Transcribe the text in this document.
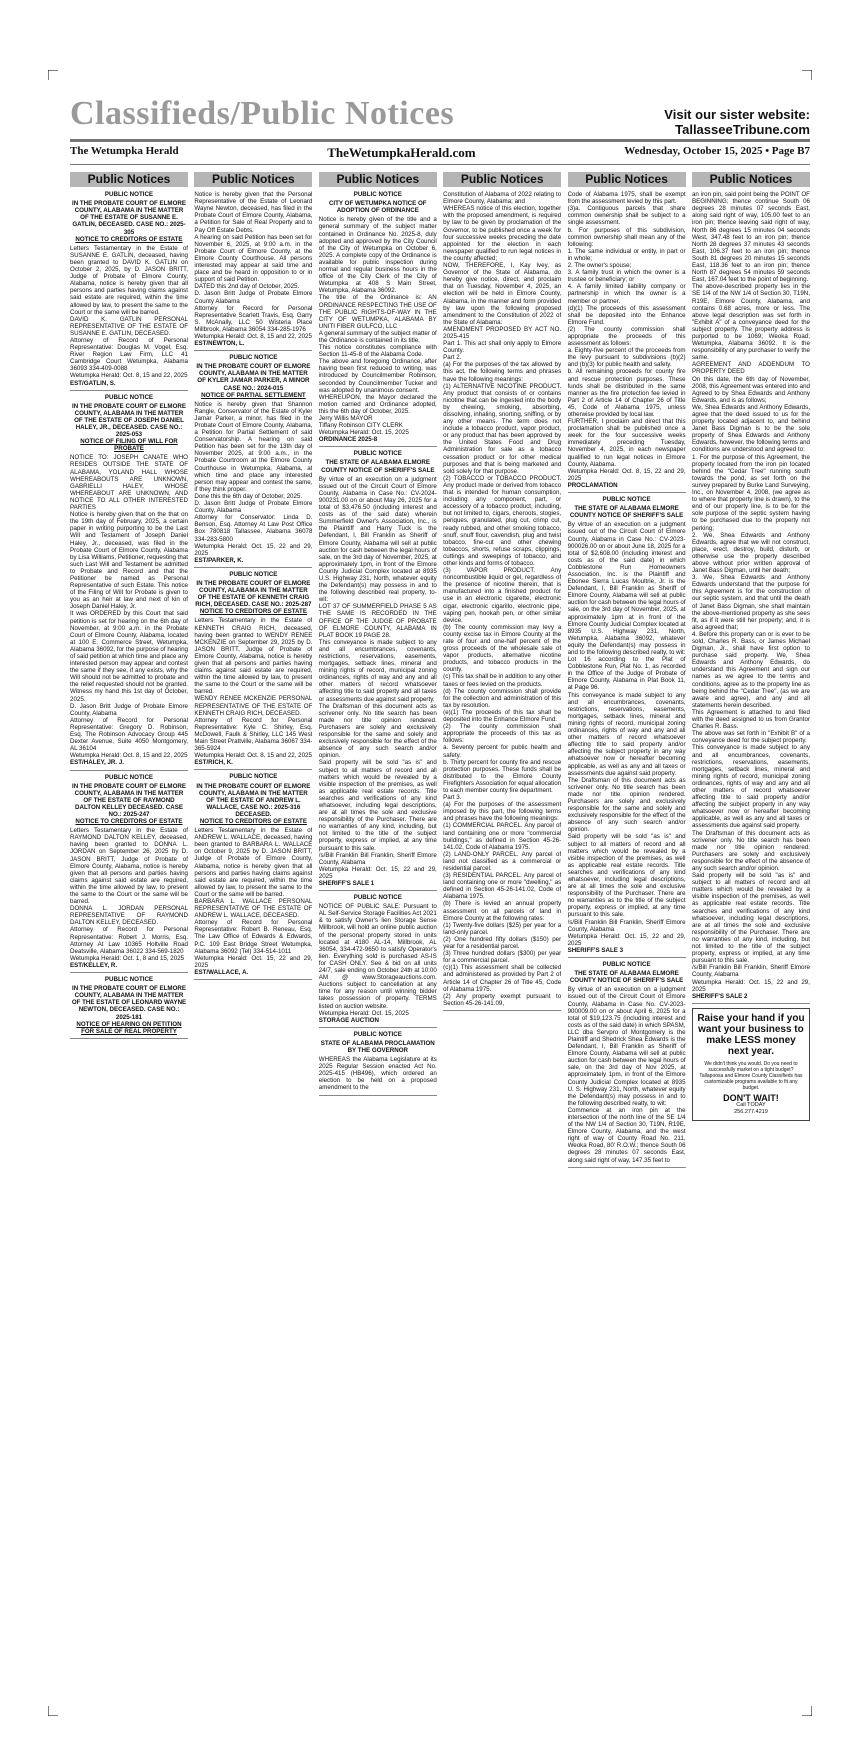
Classifieds/Public Notices	Visit our sister website:
TallasseeTribune.com
The Wetumpka Herald	TheWetumpkaHerald.com	Wednesday, October 15, 2025 • Page B7
Public Notices
PUBLIC NOTICE
IN THE PROBATE COURT OF ELMORE COUNTY, ALABAMA IN THE MATTER OF THE ESTATE OF SUSANNE E. GATLIN, DECEASED. CASE NO.: 2025-305
NOTICE TO CREDITORS OF ESTATE
Letters Testamentary in the Estate of SUSANNE E. GATLIN, deceased, having been granted to DAVID K. GATLIN on October 2, 2025, by D. JASON BRITT, Judge of Probate of Elmore County, Alabama, notice is hereby given that all persons and parties having claims against said estate are required, within the time allowed by law, to present the same to the Court or the same will be barred.
DAVID K. GATLIN PERSONAL REPRESENTATIVE OF THE ESTATE OF SUSANNE E. GATLIN, DECEASED.
Attorney of Record of Personal Representative: Douglas M. Vogel, Esq. River Region Law Firm, LLC 41 Cambridge Court Wetumpka, Alabama 36093 334-409-0088
Wetumpka Herald: Oct. 8, 15 and 22, 2025
EST/GATLIN, S.
PUBLIC NOTICE
IN THE PROBATE COURT OF ELMORE COUNTY, ALABAMA IN THE MATTER OF THE ESTATE OF JOSEPH DANIEL HALEY, JR., DECEASED. CASE NO.: 2025-053
NOTICE OF FILING OF WILL FOR PROBATE
NOTICE TO: JOSEPH CANATE WHO RESIDES OUTSIDE THE STATE OF ALABAMA, YOLAND HALL WHOSE WHEREABOUTS ARE UNKNOWN, GABRIELLI HALEY, WHOSE WHEREABOUT ARE UNKNOWN, AND NOTICE TO ALL OTHER INTERESTED PARTIES
Notice is hereby given that on the that on the 19th day of February, 2025, a certain paper in writing purporting to be the Last Will and Testament of Joseph Daniel Haley, Jr., deceased, was filed in the Probate Court of Elmore County, Alabama by Lisa Williams, Petitioner, requesting that such Last Will and Testament be admitted to Probate and Record and that the Petitioner be named as Personal Representative of such Estate. This notice of the Filing of Will for Probate is given to you as an heir at law and next of kin of Joseph Daniel Haley, Jr.
It was ORDERED by this Court that said petition is set for hearing on the 6th day of November, at 9:00 a.m. in the Probate Court of Elmore County, Alabama, located at 100 E. Commerce Street, Wetumpka, Alabama 36092, for the purpose of hearing of said petition at which time and place any interested person may appear and contest the same if they see, if any exists, why the Will should not be admitted to probate and the relief requested should not be granted. Witness my hand this 1st day of October, 2025.
D. Jason Britt Judge of Probate Elmore County, Alabama
Attorney of Record for Personal Representative: Gregory D. Robinson, Esq. The Robinson Advocacy Group 445 Dexter Avenue, Suite 4050 Montgomery, AL 36104
Wetumpka Herald: Oct. 8, 15 and 22, 2025
EST/HALEY, JR. J.
PUBLIC NOTICE
IN THE PROBATE COURT OF ELMORE COUNTY, ALABAMA IN THE MATTER OF THE ESTATE OF RAYMOND DALTON KELLEY DECEASED. CASE NO.: 2025-247
NOTICE TO CREDITORS OF ESTATE
Letters Testamentary in the Estate of RAYMOND DALTON KELLEY, deceased, having been granted to DONNA L. JORDAN on September 26, 2025 by D. JASON BRITT, Judge of Probate of Elmore County, Alabama, notice is hereby given that all persons and parties having claims against said estate are required, within the time allowed by law, to present the same to the Court or the same will be barred.
DONNA L. JORDAN PERSONAL REPRESENTATIVE OF RAYMOND DALTON KELLEY, DECEASED.
Attorney of Record for Personal Representative: Robert J. Morris, Esq. Attorney At Law 10365 Holtville Road Deatsville, Alabama 36022 334-569-1820
Wetumpka Herald: Oct. 1, 8 and 15, 2025
EST/KELLEY, R.
PUBLIC NOTICE
IN THE PROBATE COURT OF ELMORE COUNTY, ALABAMA IN THE MATTER OF THE ESTATE OF LEONARD WAYNE NEWTON, DECEASED. CASE NO.: 2025-181
NOTICE OF HEARING ON PETITION FOR SALE OF REAL PROPERTY
Public Notices
Notice is hereby given that the Personal Representative of the Estate of Leonard Wayne Newton, deceased, has filed in the Probate Court of Elmore County, Alabama, a Petition for Sale of Real Property and to Pay Off Estate Debts.
A hearing on said Petition has been set for November 6, 2025, at 9:00 a.m. in the Probate Court of Elmore County, at the Elmore County Courthouse. All persons interested may appear at said time and place and be heard in opposition to or in support of said Petition.
DATED this 2nd day of October, 2025.
D. Jason Britt Judge of Probate Elmore County Alabama
Attorney for Record for Personal Representative Scarlett Travis, Esq. Garry S. McAnally, LLC 50 Wisteria Place Millbrook, Alabama 36054 334-285-1976
Wetumpka Herald: Oct. 8, 15 and 22, 2025
EST/NEWTON, L.
PUBLIC NOTICE
IN THE PROBATE COURT OF ELMORE COUNTY, ALABAMA IN THE MATTER OF KYLER JAMAR PARKER, A MINOR CASE NO.: 2024-015
NOTICE OF PARTIAL SETTLEMENT
Notice is hereby given that Shannon Rangle, Conservator of the Estate of Kyler Jamar Parker, a minor, has filed in the Probate Court of Elmore County, Alabama, a Petition for Partial Settlement of said Conservatorship. A hearing on said Petition has been set for the 13th day of November 2025, at 9:00 a.m., in the Probate Courtroom at the Elmore County Courthouse in Wetumpka, Alabama, at which time and place any interested person may appear and contest the same, if they think proper.
Done this the 6th day of October, 2025.
D. Jason Britt Judge of Probate Elmore County, Alabama
Attorney for Conservator: Linda D. Benson, Esq. Attorney At Law Post Office Box 780818 Tallassee, Alabama 36078 334-283-5800
Wetumpka Herald: Oct. 15, 22 and 29, 2025
EST/PARKER, K.
PUBLIC NOTICE
IN THE PROBATE COURT OF ELMORE COUNTY, ALABAMA IN THE MATTER OF THE ESTATE OF KENNETH CRAIG RICH, DECEASED. CASE NO.: 2025-287
NOTICE TO CREDITORS OF ESTATE
Letters Testamentary in the Estate of KENNETH CRAIG RICH, deceased, having been granted to WENDY RENEE MCKENZIE on September 29, 2025 by D. JASON BRITT, Judge of Probate of Elmore County, Alabama, notice is hereby given that all persons and parties having claims against said estate are required, within the time allowed by law, to present the same to the Court or the same will be barred.
WENDY RENEE MCKENZIE PERSONAL REPRESENTATIVE OF THE ESTATE OF KENNETH CRAIG RICH, DECEASED.
Attorney of Record for Personal Representative: Kyle C. Shirley, Esq. McDowell, Faulk & Shirley, LLC 145 West Main Street Prattville, Alabama 36067 334-365-5924
Wetumpka Herald: Oct. 8, 15 and 22, 2025
EST/RICH, K.
PUBLIC NOTICE
IN THE PROBATE COURT OF ELMORE COUNTY, ALABAMA IN THE MATTER OF THE ESTATE OF ANDREW L. WALLACE, CASE NO.: 2025-316 DECEASED.
NOTICE TO CREDITORS OF ESTATE
Letters Testamentary in the Estate of ANDREW L. WALLACE, deceased, having been granted to BARBARA L. WALLACE on October 9, 2025 by D. JASON BRITT, Judge of Probate of Elmore County, Alabama, notice is hereby given that all persons and parties having claims against said estate are required, within the time allowed by law, to present the same to the Court or the same will be barred.
BARBARA L. WALLACE PERSONAL REPRESENTATIVE OF THE ESTATE OF ANDREW L. WALLACE, DECEASED.
Attorney of Record for Personal Representative: Robert B. Reneau, Esq. The Law Office of Edwards & Edwards, P.C. 109 East Bridge Street Wetumpka, Alabama 36092 (Tel) 334-514-1011
Wetumpka Herald: Oct. 15, 22 and 29, 2025
EST/WALLACE, A.
Public Notices
PUBLIC NOTICE
CITY OF WETUMPKA NOTICE OF ADOPTION OF ORDINANCE
Notice is hereby given of the title and a general summary of the subject matter contained in Ordinance No. 2025-8, duly adopted and approved by the City Council of the City of Wetumpka on October 6, 2025. A complete copy of the Ordinance is available for public inspection during normal and regular business hours in the office of the City Clerk of the City of Wetumpka at 408 S Main Street, Wetumpka, Alabama 36092.
The title of the Ordinance is: AN ORDINANCE RESPECTING THE USE OF THE PUBLIC RIGHTS-OF-WAY IN THE CITY OF WETUMPKA, ALABAMA BY UNITI FIBER GULFCO, LLC
A general summary of the subject matter of the Ordinance is contained in its title.
This notice constitutes compliance with Section 11-45-8 of the Alabama Code.
The above and foregoing Ordinance, after having been first reduced to writing, was introduced by Councilmember Robinson, seconded by Councilmember Tucker and was adopted by unanimous consent.
WHEREUPON, the Mayor declared the motion carried and Ordinance adopted, this the 6th day of October, 2025.
Jerry Willis MAYOR
Tiffany Robinson CITY CLERK
Wetumpka Herald: Oct. 15, 2025
ORDINANCE 2025-8
PUBLIC NOTICE
THE STATE OF ALABAMA ELMORE COUNTY NOTICE OF SHERIFF'S SALE
By virtue of an execution on a judgment issued out of the Circuit Court of Elmore County, Alabama in Case No.: CV-2024-900231.00 on or about May 26, 2025 for a total of $3,476.50 (including interest and costs as of the said date) wherein Summerfield Owner's Association, Inc., is the Plaintiff and Harry Tuck is the Defendant, I, Bill Franklin as Sheriff of Elmore County, Alabama will sell at public auction for cash between the legal hours of sale, on the 3rd day of November, 2025, at approximately 1pm, in front of the Elmore County Judicial Complex located at 8935 U.S. Highway 231, North, whatever equity the Defendant(s) may possess in and to the following described real property, to-wit:
LOT 37 OF SUMMERFIELD PHASE 5 AS THE SAME IS RECORDED IN THE OFFICE OF THE JUDGE OF PROBATE OF ELMORE COUNTY, ALABAMA IN PLAT BOOK 19 PAGE 28.
This conveyance is made subject to any and all encumbrances, covenants, restrictions, reservations, easements, mortgages, setback lines, mineral and mining rights of record, municipal zoning ordinances, rights of way and any and all other matters of record whatsoever affecting title to said property and all taxes or assessments due against said property.
The Draftsman of this document acts as scrivener only. No title search has been made nor title opinion rendered. Purchasers are solely and exclusively responsible for the same and solely and exclusively responsible for the effect of the absence of any such search and/or opinion.
Said property will be sold "as is" and subject to all matters of record and all matters which would be revealed by a visible inspection of the premises, as well as applicable real estate records. Title searches and verifications of any kind whatsoever, including legal descriptions, are at all times the sole and exclusive responsibility of the Purchaser. There are no warranties of any kind, including, but not limited to the title of the subject property, express or implied, at any time pursuant to this sale.
/s/Bill Franklin Bill Franklin, Sheriff Elmore County, Alabama
Wetumpka Herald: Oct. 15, 22 and 29, 2025
SHERIFF'S SALE 1
PUBLIC NOTICE
NOTICE OF PUBLIC SALE: Pursuant to AL Self-Service Storage Facilities Act 2021 & to satisfy Owner's lien Storage Sense Millbrook, will hold an online public auction of the personal property stored in units located at 4180 AL-14, Millbrook, AL 36054, 334-472-9650 to satisfy Operator's lien. Everything sold is purchased AS-IS for CASH ONLY. See & bid on all units 24/7, sale ending on October 24th at 10:00 AM @ www.Storageauctions.com. Auctions subject to cancellation at any time for any reason until winning bidder takes possession of property. TERMS listed on auction website.
Wetumpka Herald: Oct. 15, 2025
STORAGE AUCTION
PUBLIC NOTICE
STATE OF ALABAMA PROCLAMATION BY THE GOVERNOR
WHEREAS the Alabama Legislature at its 2025 Regular Session enacted Act No. 2025-415 (HB496), which ordered an election to be held on a proposed amendment to the
Public Notices
Constitution of Alabama of 2022 relating to Elmore County, Alabama; and
WHEREAS notice of this election, together with the proposed amendment, is required by law to be given by proclamation of the Governor, to be published once a week for four successive weeks preceding the date appointed for the election in each newspaper qualified to run legal notices in the county affected;
NOW, THEREFORE, I, Kay Ivey, as Governor of the State of Alabama, do hereby give notice, direct, and proclaim that on Tuesday, November 4, 2025, an election will be held in Elmore County, Alabama, in the manner and form provided by law upon the following proposed amendment to the Constitution of 2022 of the State of Alabama:
AMENDMENT PROPOSED BY ACT NO. 2025-415
Part 1. This act shall only apply to Elmore County.
Part 2.
(a) For the purposes of the tax allowed by this act, the following terms and phrases have the following meanings:
(1) ALTERNATIVE NICOTINE PRODUCT. Any product that consists of or contains nicotine that can be ingested into the body by chewing, smoking, absorbing, dissolving, inhaling, snorting, sniffing, or by any other means. The term does not include a tobacco product, vapor product, or any product that has been approved by the United States Food and Drug Administration for sale as a tobacco cessation product or for other medical purposes and that is being marketed and sold solely for that purpose.
(2) TOBACCO or TOBACCO PRODUCT. Any product made or derived from tobacco that is intended for human consumption, including any component, part, or accessory of a tobacco product, including, but not limited to, cigars, cheroots, stogies, periques, granulated, plug cut, crimp cut, ready rubbed, and other smoking tobacco, snuff, snuff flour, cavendish, plug and twist tobacco, fine-cut and other chewing tobaccos, shorts, refuse scraps, clippings, cuttings and sweepings of tobacco, and other kinds and forms of tobacco.
(3) VAPOR PRODUCT. Any noncombustible liquid or gel, regardless of the presence of nicotine therein, that is manufactured into a finished product for use in an electronic cigarette, electronic cigar, electronic cigarillo, electronic pipe, vaping pen, hookah pen, or other similar device.
(b) The county commission may levy a county excise tax in Elmore County at the rate of four and one-half percent of the gross proceeds of the wholesale sale of vapor products, alternative nicotine products, and tobacco products in the county.
(c) This tax shall be in addition to any other taxes or fees levied on the products.
(d) The county commission shall provide for the collection and administration of this tax by resolution.
(e)(1) The proceeds of this tax shall be deposited into the Enhance Elmore Fund.
(2) The county commission shall appropriate the proceeds of this tax as follows:
a. Seventy percent for public health and safety.
b. Thirty percent for county fire and rescue protection purposes. These funds shall be distributed to the Elmore County Firefighters Association for equal allocation to each member county fire department.
Part 3.
(a) For the purposes of the assessment imposed by this part, the following terms and phrases have the following meanings:
(1) COMMERCIAL PARCEL. Any parcel of land containing one or more "commercial buildings," as defined in Section 45-26-141.02, Code of Alabama 1975.
(2) LAND-ONLY PARCEL. Any parcel of land not classified as a commercial or residential parcel.
(3) RESIDENTIAL PARCEL. Any parcel of land containing one or more "dwelling," as defined in Section 45-26-141.02, Code of Alabama 1975.
(b) There is levied an annual property assessment on all parcels of land in Elmore County at the following rates:
(1) Twenty-five dollars ($25) per year for a land-only parcel.
(2) One hundred fifty dollars ($150) per year for a residential parcel.
(3) Three hundred dollars ($300) per year for a commercial parcel.
(c)(1) This assessment shall be collected and administered as provided by Part 2 of Article 14 of Chapter 26 of Title 45, Code of Alabama 1975.
(2) Any property exempt pursuant to Section 45-26-141.09,
Public Notices
Code of Alabama 1975, shall be exempt from the assessment levied by this part.
(3)a. Contiguous parcels that share common ownership shall be subject to a single assessment.
b. For purposes of this subdivision, common ownership shall mean any of the following:
1. The same individual or entity, in part or in whole;
2. The owner's spouse;
3. A family trust in which the owner is a trustee or beneficiary; or
4. A family limited liability company or partnership in which the owner is a member or partner.
(d)(1) The proceeds of this assessment shall be deposited into the Enhance Elmore Fund.
(2) The county commission shall appropriate the proceeds of this assessment as follows:
a. Eighty-five percent of the proceeds from the levy pursuant to subdivisions (b)(2) and (b)(3) for public health and safety.
b. All remaining proceeds for county fire and rescue protection purposes. These funds shall be distributed in the same manner as the fire protection fee levied in Part 2 of Article 14 of Chapter 26 of Title 45, Code of Alabama 1975, unless otherwise provided by local law.
FURTHER, I proclaim and direct that this proclamation shall be published once a week for the four successive weeks immediately preceding Tuesday, November 4, 2025, in each newspaper qualified to run legal notices in Elmore County, Alabama.
Wetumpka Herald: Oct. 8, 15, 22 and 29, 2025
PROCLAMATION
PUBLIC NOTICE
THE STATE OF ALABAMA ELMORE COUNTY NOTICE OF SHERIFF'S SALE
By virtue of an execution on a judgment issued out of the Circuit Court of Elmore County, Alabama in Case No.: CV-2023-900026.00 on or about June 18, 2025 for a total of $2,608.00 (including interest and costs as of the said date) in which Cobblestone Run Homeowners Association, Inc. is the Plaintiff and Ebonee Sierra Lucas Moultrie, Jr. is the Defendant, I, Bill Franklin as Sheriff of Elmore County, Alabama will sell at public auction for cash between the legal hours of sale, on the 3rd day of November, 2025, at approximately 1pm at in front of the Elmore County Judicial Complex located at 8935 U.S. Highway 231, North, Wetumpka, Alabama 36092, whatever equity the Defendant(s) may possess in and to the following described realty, to wit:
Lot 16 according to the Plat of Cobblestone Run, Plat No. 1, as recorded in the Office of the Judge of Probate of Elmore County, Alabama in Plat Book 11, at Page 96.
This conveyance is made subject to any and all encumbrances, covenants, restrictions, reservations, easements, mortgages, setback lines, mineral and mining rights of record, municipal zoning ordinances, rights of way and any and all other matters of record whatsoever affecting title to said property and/or affecting the subject property in any way whatsoever now or hereafter becoming applicable, as well as any and all taxes or assessments due against said property.
The Draftsman of this document acts as scrivener only. No title search has been made nor title opinion rendered. Purchasers are solely and exclusively responsible for the same and solely and exclusively responsible for the effect of the absence of any such search and/or opinion.
Said property will be sold "as is" and subject to all matters of record and all matters which would be revealed by a visible inspection of the premises, as well as applicable real estate records. Title searches and verifications of any kind whatsoever, including legal descriptions, are at all times the sole and exclusive responsibility of the Purchaser. There are no warranties as to the title of the subject property, express or implied, at any time pursuant to this sale.
/s/Bill Franklin Bill Franklin, Sheriff Elmore County, Alabama
Wetumpka Herald: Oct. 15, 22 and 29, 2025
SHERIFF'S SALE 3
PUBLIC NOTICE
THE STATE OF ALABAMA ELMORE COUNTY NOTICE OF SHERIFF'S SALE
By virtue of an execution on a judgment issued out of the Circuit Court of Elmore County, Alabama in Case No. CV-2023-900009.00 on or about April 6, 2025 for a total of $19,123.75 (including interest and costs as of the said date) in which SPASM, LLC dba Servpro of Montgomery is the Plaintiff and Shedrick Shea Edwards is the Defendant, I, Bill Franklin as Sheriff of Elmore County, Alabama will sell at public auction for cash between the legal hours of sale, on the 3rd day of Nov 2025, at approximately 1pm, in front of the Elmore County Judicial Complex located at 8935 U. S. Highway 231, North, whatever equity the Defendant(s) may possess in and to the following described realty, to wit:
Commence at an iron pin at the intersection of the north line of the SE 1/4 of the NW 1/4 of Section 30, T19N, R19E, Elmore County, Alabama, and the west right of way of County Road No. 211, Weoka Road, 80' R.O.W.; thence South 06 degrees 28 minutes 07 seconds East, along said right of way, 147.35 feet to
Public Notices
an iron pin, said point being the POINT OF BEGINNING; thence continue South 06 degrees 28 minutes 07 seconds East, along said right of way, 105.00 feet to an iron pin; thence leaving said right of way, North 86 degrees 15 minutes 04 seconds West, 347.48 feet to an iron pin; thence North 28 degrees 37 minutes 43 seconds East, 106.37 feet to an iron pin; thence South 81 degrees 20 minutes 15 seconds East, 118.36 feet to an iron pin; thence North 87 degrees 54 minutes 59 seconds East, 167.04 feet to the point of beginning.
The above-described property lies in the SE 1/4 of the NW 1/4 of Section 30, T19N, R19E, Elmore County, Alabama, and contains 0.68 acres, more or less. The above legal description was set forth in "Exhibit A" of a conveyance deed for the subject property. The property address is purported to be 1069; Weoka Road; Wetumpka, Alabama 36092. It is the responsibility of any purchaser to verify the same.
AGREEMENT AND ADDENDUM TO PROPERTY DEED
On this date, the 6th day of November, 2008, this Agreement was entered into and Agreed to by Shea Edwards and Anthony Edwards, and is as follows;
We, Shea Edwards and Anthony Edwards, agree that the deed issued to us for the property located adjacent to, and behind Janet Bass Digman is to be the sole property of Shea Edwards and Anthony Edwards, however, the following terms and conditions are understood and agreed to:
1. For the purpose of this Agreement, the property located from the iron pin located behind the "Cedar Tree" running south towards the pond, as set forth on the survey prepared by Burke Land Surveying, Inc., on November 4, 2008, (we agree as to where that property line is drawn), to the end of our property line, is to be for the sole purpose of the septic system having to be purchased due to the property not perking;
2. We, Shea Edwards and Anthony Edwards, agree that we will not construct, place, erect, destroy, build, disturb, or otherwise use the property described above without prior written approval of Janet Bass Digman, until her death;
3. We, Shea Edwards and Anthony Edwards understand that the purpose for this Agreement is for the construction of our septic system, and that until the death of Janet Bass Digman, she shall maintain the above-mentioned property as she sees fit, as if it were still her property; and, it is also agreed that;
4. Before this property can or is ever to be sold, Charles R. Bass, or James Michael Digman, Jr., shall have first option to purchase said property. We, Shea Edwards and Anthony Edwards, do understand this Agreement and sign our names as we agree to the terms and conditions, agree as to the property line as being behind the "Cedar Tree", (as we are aware and agree), and any and all statements herein described.
This Agreement is attached to and filed with the deed assigned to us from Grantor Charles R. Bass.
The above was set forth in "Exhibit B" of a conveyance deed for the subject property.
This conveyance is made subject to any and all encumbrances, covenants, restrictions, reservations, easements, mortgages, setback lines, mineral and mining rights of record, municipal zoning ordinances, rights of way and any and all other matters of record whatsoever affecting title to said property and/or affecting the subject property in any way whatsoever now or hereafter becoming applicable, as well as any and all taxes or assessments due against said property.
The Draftsman of this document acts as scrivener only. No title search has been made nor title opinion rendered. Purchasers are solely and exclusively responsible for the effect of the absence of any such search and/or opinion.
Said property will be sold "as is" and subject to all matters of record and all matters which would be revealed by a visible inspection of the premises, as well as applicable real estate records. Title searches and verifications of any kind whatsoever, including legal descriptions, are at all times the sole and exclusive responsibility of the Purchaser. There are no warranties of any kind, including, but not limited to the title of the subject property, express or implied, at any time pursuant to this sale.
/s/Bill Franklin Bill Franklin, Sheriff Elmore County, Alabama
Wetumpka Herald: Oct. 15, 22 and 29, 2025
SHERIFF'S SALE 2
Raise your hand if you want your business to make LESS money next year.
We didn't think you would. Do you need to successfully market on a tight budget? Tallapoosa and Elmore County Classifieds has customizable programs available to fit any budget.
DON'T WAIT!
Call TODAY
256.277.4219
